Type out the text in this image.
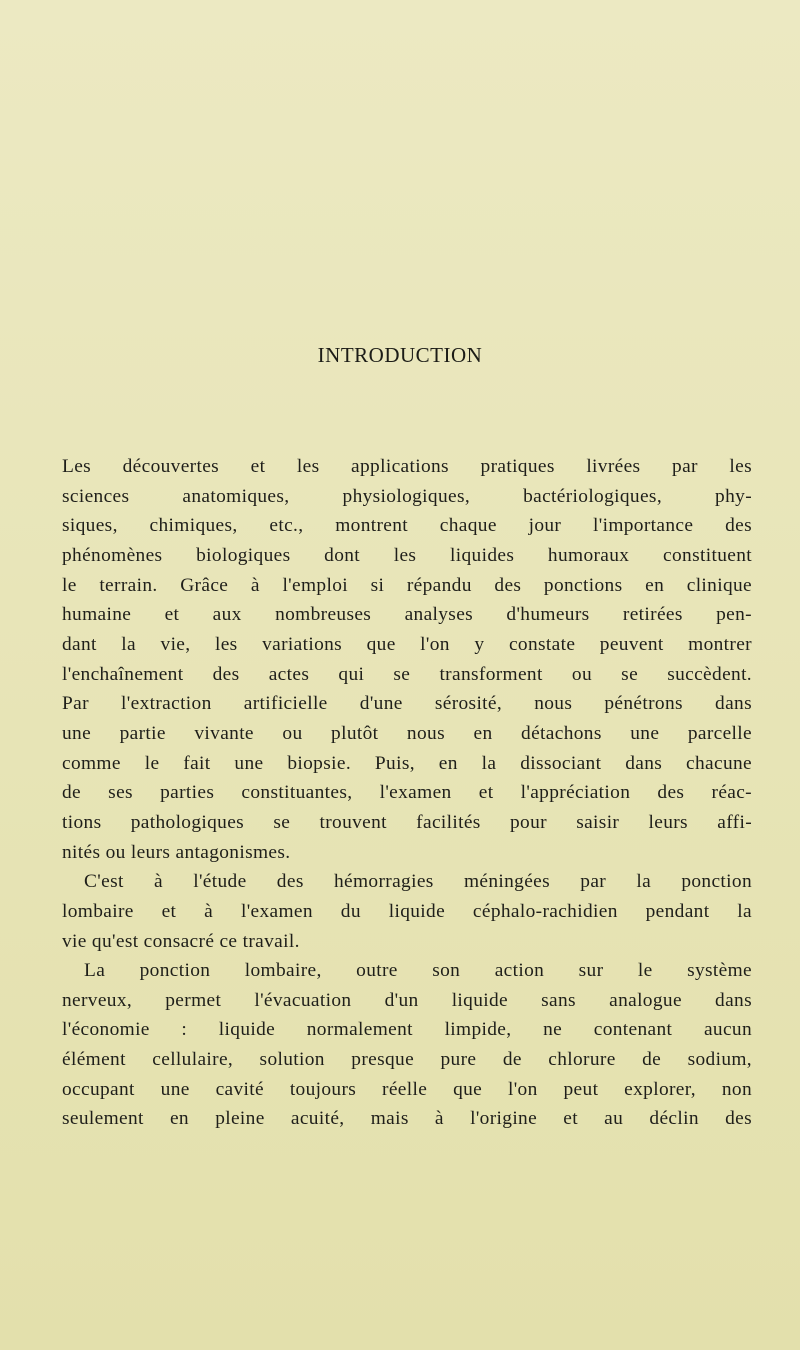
INTRODUCTION
Les découvertes et les applications pratiques livrées par les
sciences anatomiques, physiologiques, bactériologiques, phy-
siques, chimiques, etc., montrent chaque jour l'importance des
phénomènes biologiques dont les liquides humoraux constituent
le terrain. Grâce à l'emploi si répandu des ponctions en clinique
humaine et aux nombreuses analyses d'humeurs retirées pen-
dant la vie, les variations que l'on y constate peuvent montrer
l'enchaînement des actes qui se transforment ou se succèdent.
Par l'extraction artificielle d'une sérosité, nous pénétrons dans
une partie vivante ou plutôt nous en détachons une parcelle
comme le fait une biopsie. Puis, en la dissociant dans chacune
de ses parties constituantes, l'examen et l'appréciation des réac-
tions pathologiques se trouvent facilités pour saisir leurs affi-
nités ou leurs antagonismes.
C'est à l'étude des hémorragies méningées par la ponction
lombaire et à l'examen du liquide céphalo-rachidien pendant la
vie qu'est consacré ce travail.
La ponction lombaire, outre son action sur le système
nerveux, permet l'évacuation d'un liquide sans analogue dans
l'économie : liquide normalement limpide, ne contenant aucun
élément cellulaire, solution presque pure de chlorure de sodium,
occupant une cavité toujours réelle que l'on peut explorer, non
seulement en pleine acuité, mais à l'origine et au déclin des
